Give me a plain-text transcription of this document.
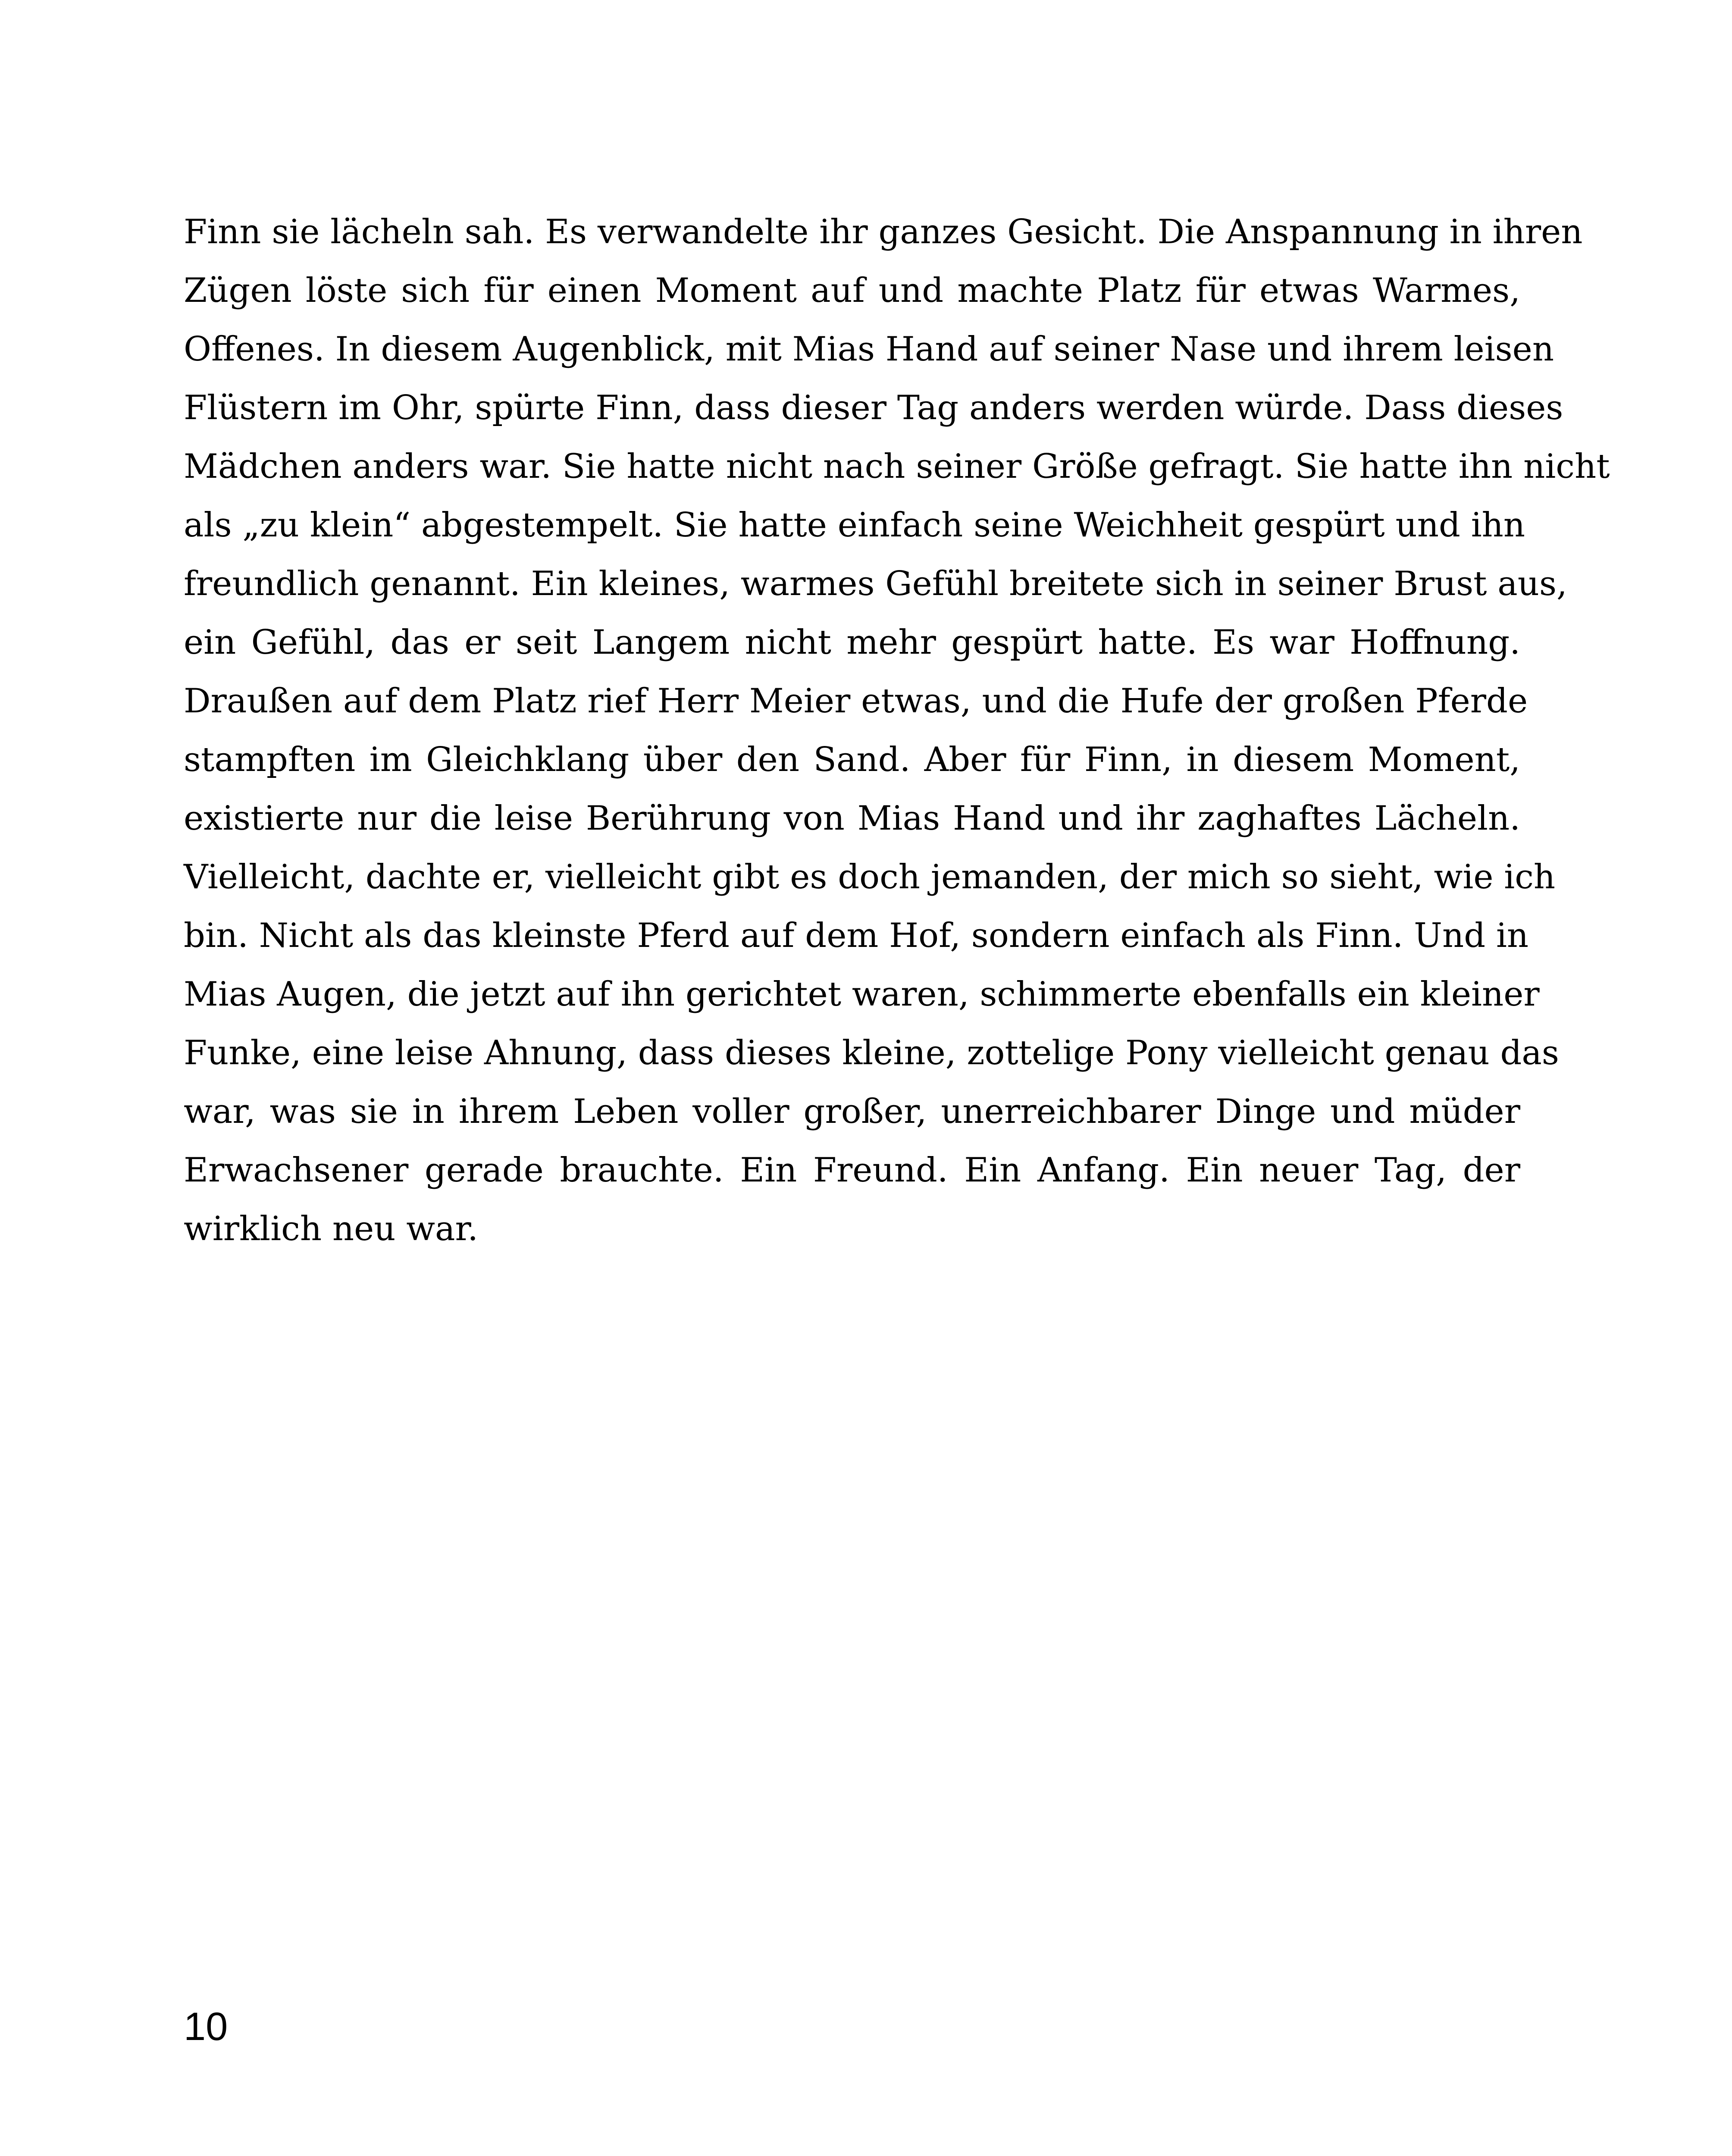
Finn sie lächeln sah. Es verwandelte ihr ganzes Gesicht. Die Anspannung in ihren
Zügen löste sich für einen Moment auf und machte Platz für etwas Warmes,
Offenes. In diesem Augenblick, mit Mias Hand auf seiner Nase und ihrem leisen
Flüstern im Ohr, spürte Finn, dass dieser Tag anders werden würde. Dass dieses
Mädchen anders war. Sie hatte nicht nach seiner Größe gefragt. Sie hatte ihn nicht
als „zu klein“ abgestempelt. Sie hatte einfach seine Weichheit gespürt und ihn
freundlich genannt. Ein kleines, warmes Gefühl breitete sich in seiner Brust aus,
ein Gefühl, das er seit Langem nicht mehr gespürt hatte. Es war Hoffnung.
Draußen auf dem Platz rief Herr Meier etwas, und die Hufe der großen Pferde
stampften im Gleichklang über den Sand. Aber für Finn, in diesem Moment,
existierte nur die leise Berührung von Mias Hand und ihr zaghaftes Lächeln.
Vielleicht, dachte er, vielleicht gibt es doch jemanden, der mich so sieht, wie ich
bin. Nicht als das kleinste Pferd auf dem Hof, sondern einfach als Finn. Und in
Mias Augen, die jetzt auf ihn gerichtet waren, schimmerte ebenfalls ein kleiner
Funke, eine leise Ahnung, dass dieses kleine, zottelige Pony vielleicht genau das
war, was sie in ihrem Leben voller großer, unerreichbarer Dinge und müder
Erwachsener gerade brauchte. Ein Freund. Ein Anfang. Ein neuer Tag, der
wirklich neu war.
10
